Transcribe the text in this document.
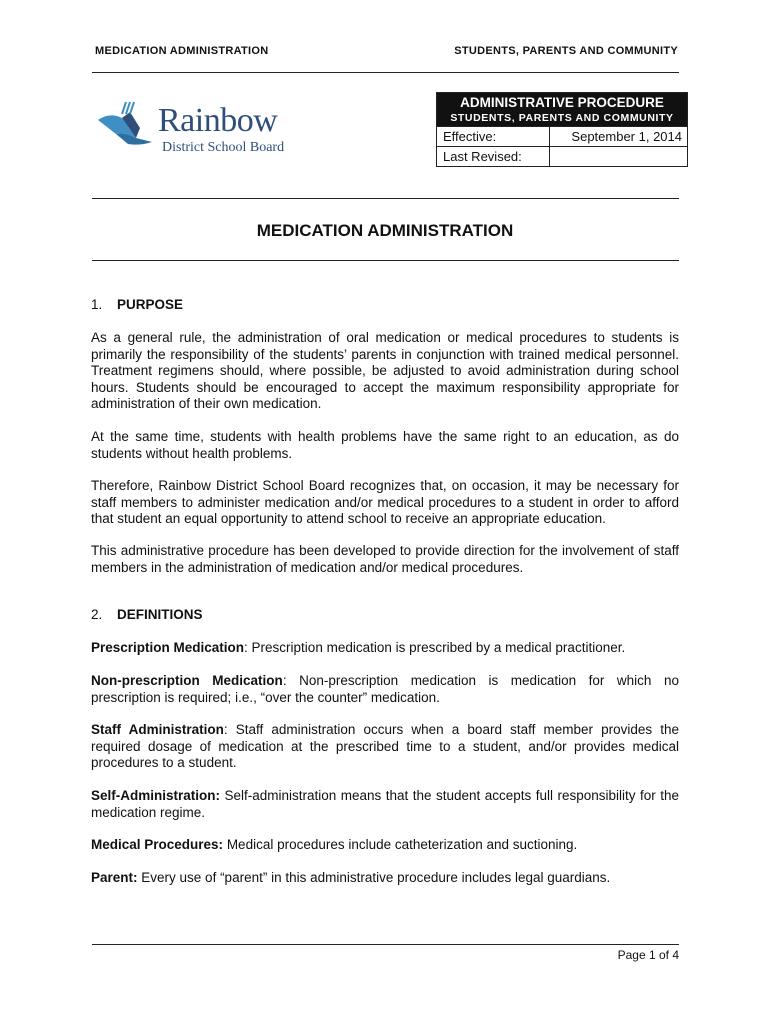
MEDICATION ADMINISTRATION	STUDENTS, PARENTS AND COMMUNITY
Rainbow
District School Board
ADMINISTRATIVE PROCEDURE
STUDENTS, PARENTS AND COMMUNITY
Effective:	September 1, 2014
Last Revised:
MEDICATION ADMINISTRATION
1. PURPOSE
As a general rule, the administration of oral medication or medical procedures to students is primarily the responsibility of the students’ parents in conjunction with trained medical personnel. Treatment regimens should, where possible, be adjusted to avoid administration during school hours. Students should be encouraged to accept the maximum responsibility appropriate for administration of their own medication.
At the same time, students with health problems have the same right to an education, as do students without health problems.
Therefore, Rainbow District School Board recognizes that, on occasion, it may be necessary for staff members to administer medication and/or medical procedures to a student in order to afford that student an equal opportunity to attend school to receive an appropriate education.
This administrative procedure has been developed to provide direction for the involvement of staff members in the administration of medication and/or medical procedures.
2. DEFINITIONS
Prescription Medication: Prescription medication is prescribed by a medical practitioner.
Non-prescription Medication: Non-prescription medication is medication for which no prescription is required; i.e., “over the counter” medication.
Staff Administration: Staff administration occurs when a board staff member provides the required dosage of medication at the prescribed time to a student, and/or provides medical procedures to a student.
Self-Administration: Self-administration means that the student accepts full responsibility for the medication regime.
Medical Procedures: Medical procedures include catheterization and suctioning.
Parent: Every use of “parent” in this administrative procedure includes legal guardians.
Page 1 of 4
